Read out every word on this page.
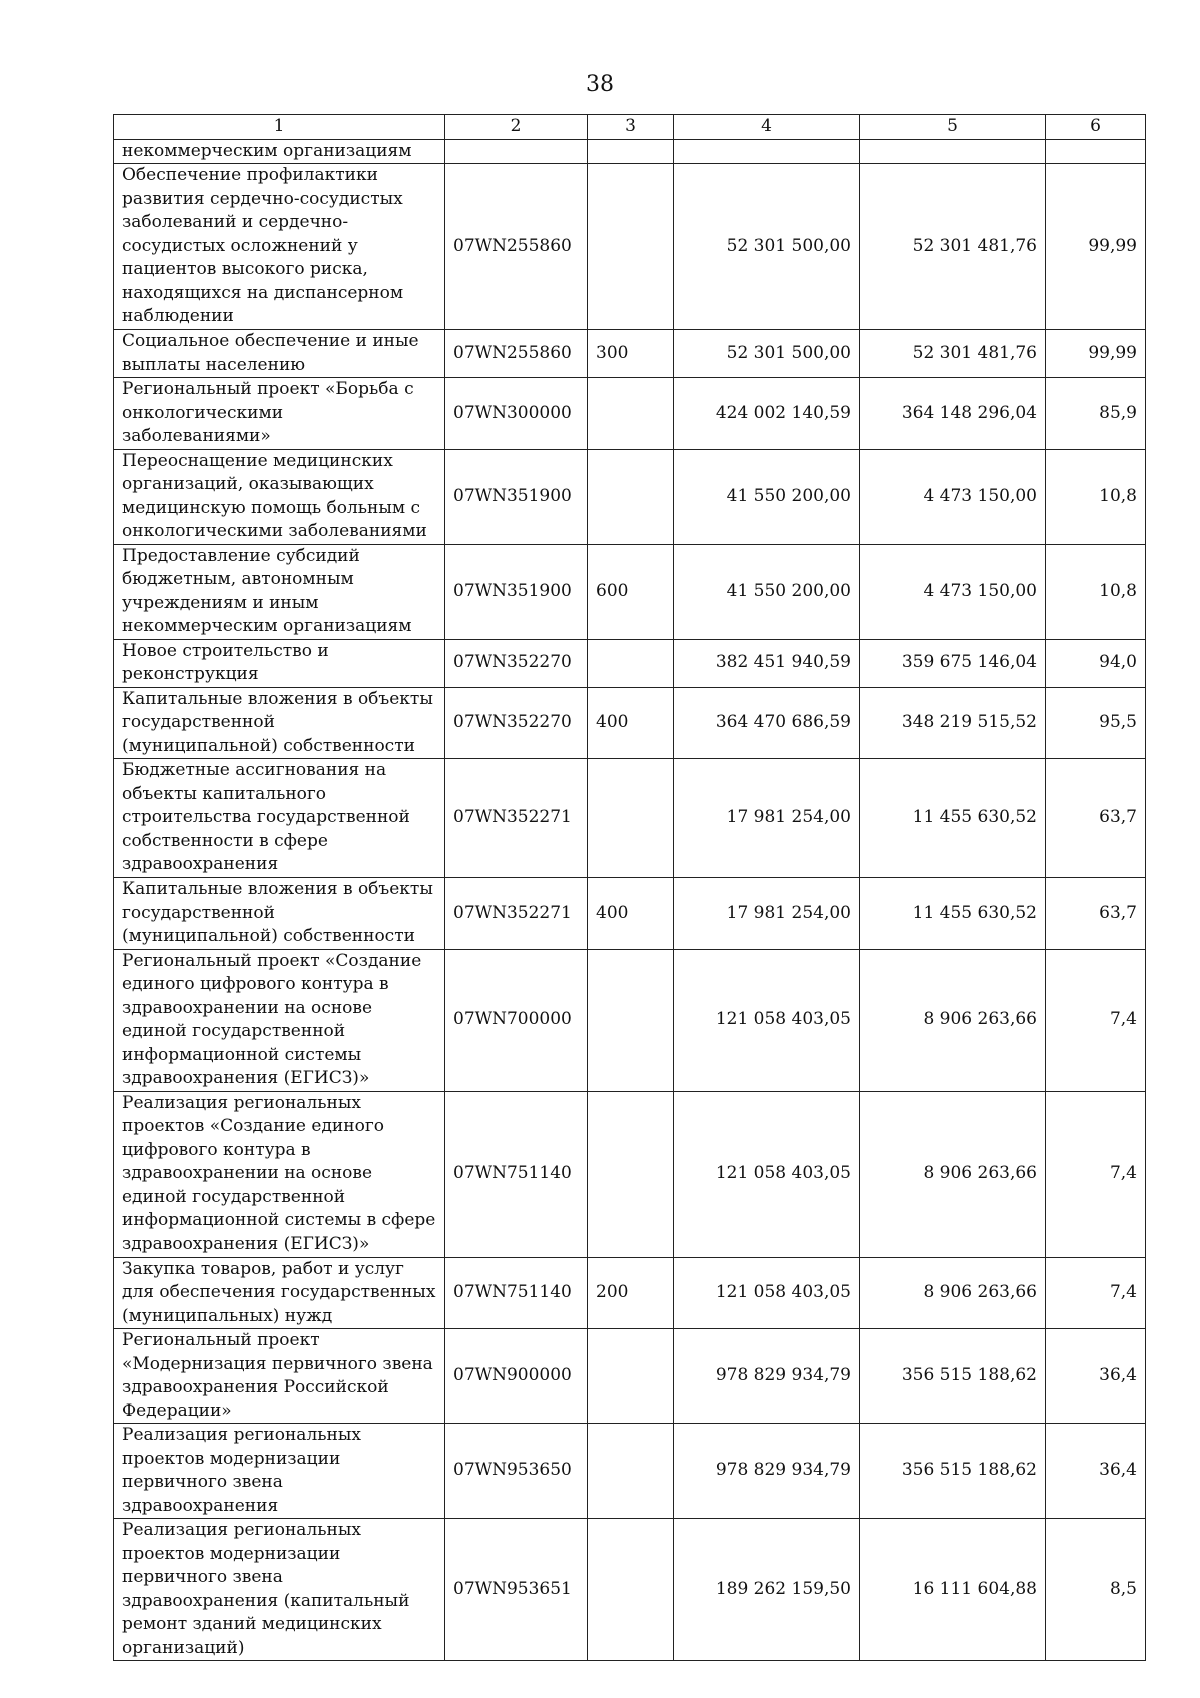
38
1	2	3	4	5	6
некоммерческим организациям					
Обеспечение профилактики развития сердечно-сосудистых заболеваний и сердечно-сосудистых осложнений у пациентов высокого риска, находящихся на диспансерном наблюдении	07WN255860		52 301 500,00	52 301 481,76	99,99
Социальное обеспечение и иные выплаты населению	07WN255860	300	52 301 500,00	52 301 481,76	99,99
Региональный проект «Борьба с онкологическими заболеваниями»	07WN300000		424 002 140,59	364 148 296,04	85,9
Переоснащение медицинских организаций, оказывающих медицинскую помощь больным с онкологическими заболеваниями	07WN351900		41 550 200,00	4 473 150,00	10,8
Предоставление субсидий бюджетным, автономным учреждениям и иным некоммерческим организациям	07WN351900	600	41 550 200,00	4 473 150,00	10,8
Новое строительство и реконструкция	07WN352270		382 451 940,59	359 675 146,04	94,0
Капитальные вложения в объекты государственной (муниципальной) собственности	07WN352270	400	364 470 686,59	348 219 515,52	95,5
Бюджетные ассигнования на объекты капитального строительства государственной собственности в сфере здравоохранения	07WN352271		17 981 254,00	11 455 630,52	63,7
Капитальные вложения в объекты государственной (муниципальной) собственности	07WN352271	400	17 981 254,00	11 455 630,52	63,7
Региональный проект «Создание единого цифрового контура в здравоохранении на основе единой государственной информационной системы здравоохранения (ЕГИСЗ)»	07WN700000		121 058 403,05	8 906 263,66	7,4
Реализация региональных проектов «Создание единого цифрового контура в здравоохранении на основе единой государственной информационной системы в сфере здравоохранения (ЕГИСЗ)»	07WN751140		121 058 403,05	8 906 263,66	7,4
Закупка товаров, работ и услуг для обеспечения государственных (муниципальных) нужд	07WN751140	200	121 058 403,05	8 906 263,66	7,4
Региональный проект «Модернизация первичного звена здравоохранения Российской Федерации»	07WN900000		978 829 934,79	356 515 188,62	36,4
Реализация региональных проектов модернизации первичного звена здравоохранения	07WN953650		978 829 934,79	356 515 188,62	36,4
Реализация региональных проектов модернизации первичного звена здравоохранения (капитальный ремонт зданий медицинских организаций)	07WN953651		189 262 159,50	16 111 604,88	8,5
